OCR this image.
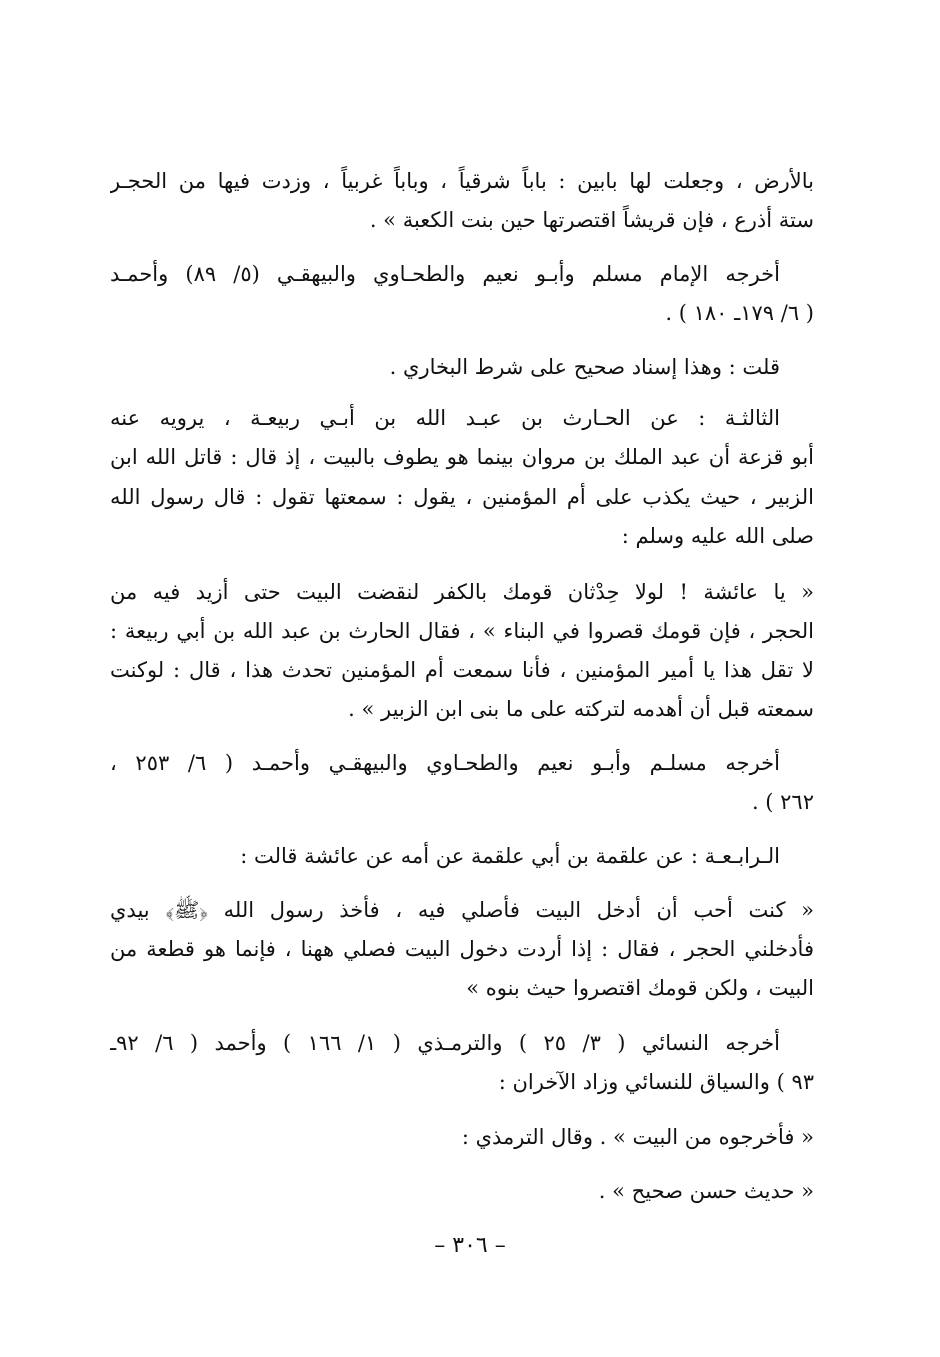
بالأرض ، وجعلت لها بابين : باباً شرقياً ، وباباً غربياً ، وزدت فيها من الحجـر
ستة أذرع ، فإن قريشاً اقتصرتها حين بنت الكعبة » .
أخرجه الإمام مسلم وأبـو نعيم والطحـاوي والبيهقـي (٥/ ٨٩) وأحمـد
( ٦/ ١٧٩ـ ١٨٠ ) .
قلت : وهذا إسناد صحيح على شرط البخاري .
الثالثـة : عن الحـارث بن عبـد الله بن أبـي ربيعـة ، يرويه عنه
أبو قزعة أن عبد الملك بن مروان بينما هو يطوف بالبيت ، إذ قال : قاتل الله ابن
الزبير ، حيث يكذب على أم المؤمنين ، يقول : سمعتها تقول : قال رسول الله
صلى الله عليه وسلم :
« يا عائشة ! لولا حِدْثان قومك بالكفر لنقضت البيت حتى أزيد فيه من
الحجر ، فإن قومك قصروا في البناء » ، فقال الحارث بن عبد الله بن أبي ربيعة :
لا تقل هذا يا أمير المؤمنين ، فأنا سمعت أم المؤمنين تحدث هذا ، قال : لوكنت
سمعته قبل أن أهدمه لتركته على ما بنى ابن الزبير » .
أخرجه مسلـم وأبـو نعيم والطحـاوي والبيهقـي وأحمـد ( ٦/ ٢٥٣ ،
٢٦٢ ) .
الـرابـعـة : عن علقمة بن أبي علقمة عن أمه عن عائشة قالت :
« كنت أحب أن أدخل البيت فأصلي فيه ، فأخذ رسول الله ﴿ﷺ﴾ بيدي
فأدخلني الحجر ، فقال : إذا أردت دخول البيت فصلي ههنا ، فإنما هو قطعة من
البيت ، ولكن قومك اقتصروا حيث بنوه »
أخرجه النسائي ( ٣/ ٢٥ ) والترمـذي ( ١/ ١٦٦ ) وأحمد ( ٦/ ٩٢ـ
٩٣ ) والسياق للنسائي وزاد الآخران :
« فأخرجوه من البيت » . وقال الترمذي :
« حديث حسن صحيح » .
– ٣٠٦ –
